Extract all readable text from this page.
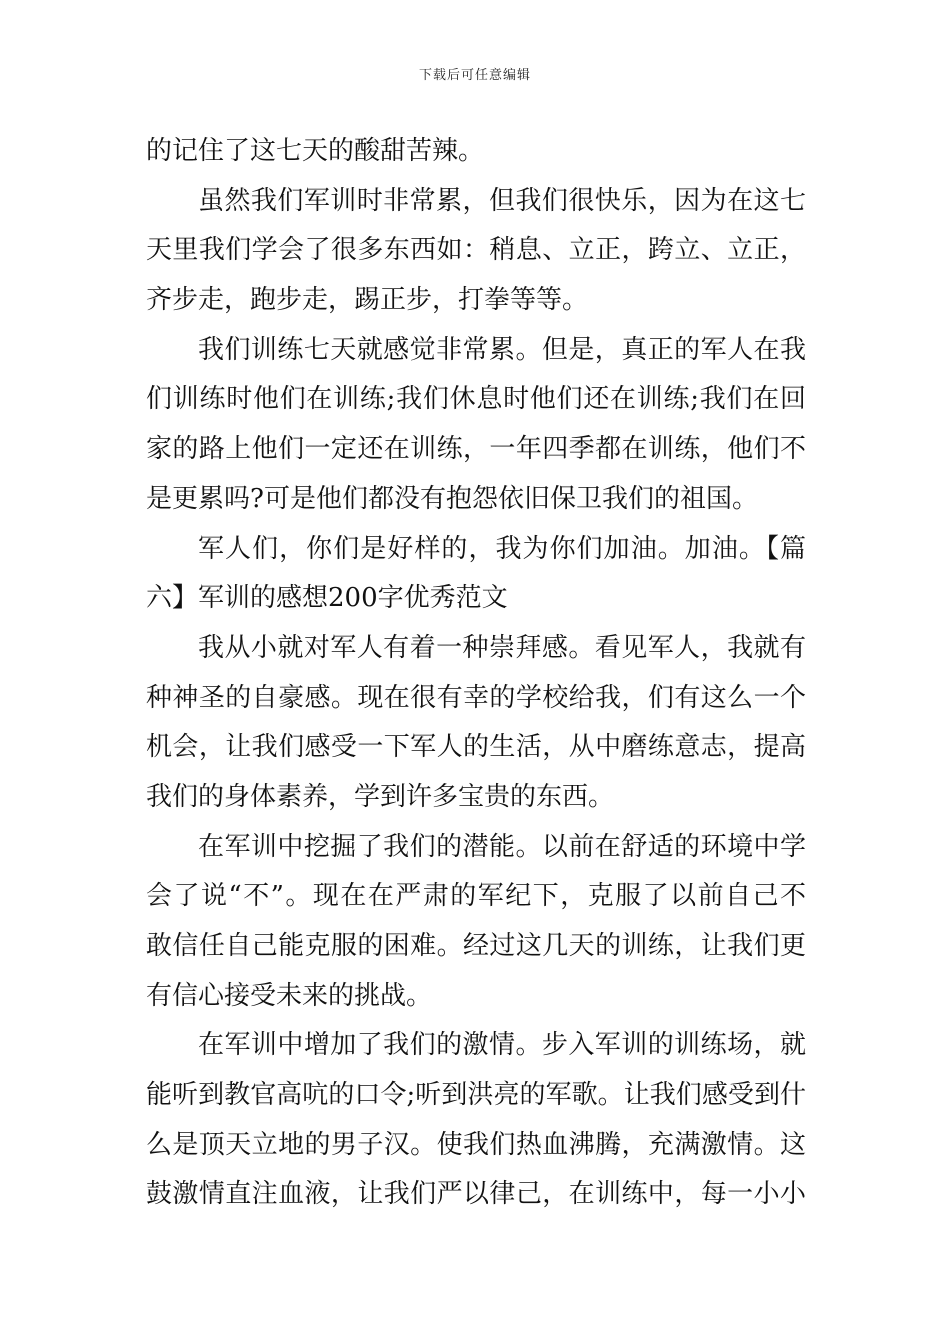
下载后可任意编辑
的记住了这七天的酸甜苦辣。
虽然我们军训时非常累，但我们很快乐，因为在这七
天里我们学会了很多东西如：稍息、立正，跨立、立正，
齐步走，跑步走，踢正步，打拳等等。
我们训练七天就感觉非常累。但是，真正的军人在我
们训练时他们在训练;我们休息时他们还在训练;我们在回
家的路上他们一定还在训练，一年四季都在训练，他们不
是更累吗?可是他们都没有抱怨依旧保卫我们的祖国。
军人们，你们是好样的，我为你们加油。加油。【篇
六】军训的感想200字优秀范文
我从小就对军人有着一种崇拜感。看见军人，我就有
种神圣的自豪感。现在很有幸的学校给我，们有这么一个
机会，让我们感受一下军人的生活，从中磨练意志，提高
我们的身体素养，学到许多宝贵的东西。
在军训中挖掘了我们的潜能。以前在舒适的环境中学
会了说“不”。现在在严肃的军纪下，克服了以前自己不
敢信任自己能克服的困难。经过这几天的训练，让我们更
有信心接受未来的挑战。
在军训中增加了我们的激情。步入军训的训练场，就
能听到教官高吭的口令;听到洪亮的军歌。让我们感受到什
么是顶天立地的男子汉。使我们热血沸腾，充满激情。这
鼓激情直注血液，让我们严以律己，在训练中，每一小小
